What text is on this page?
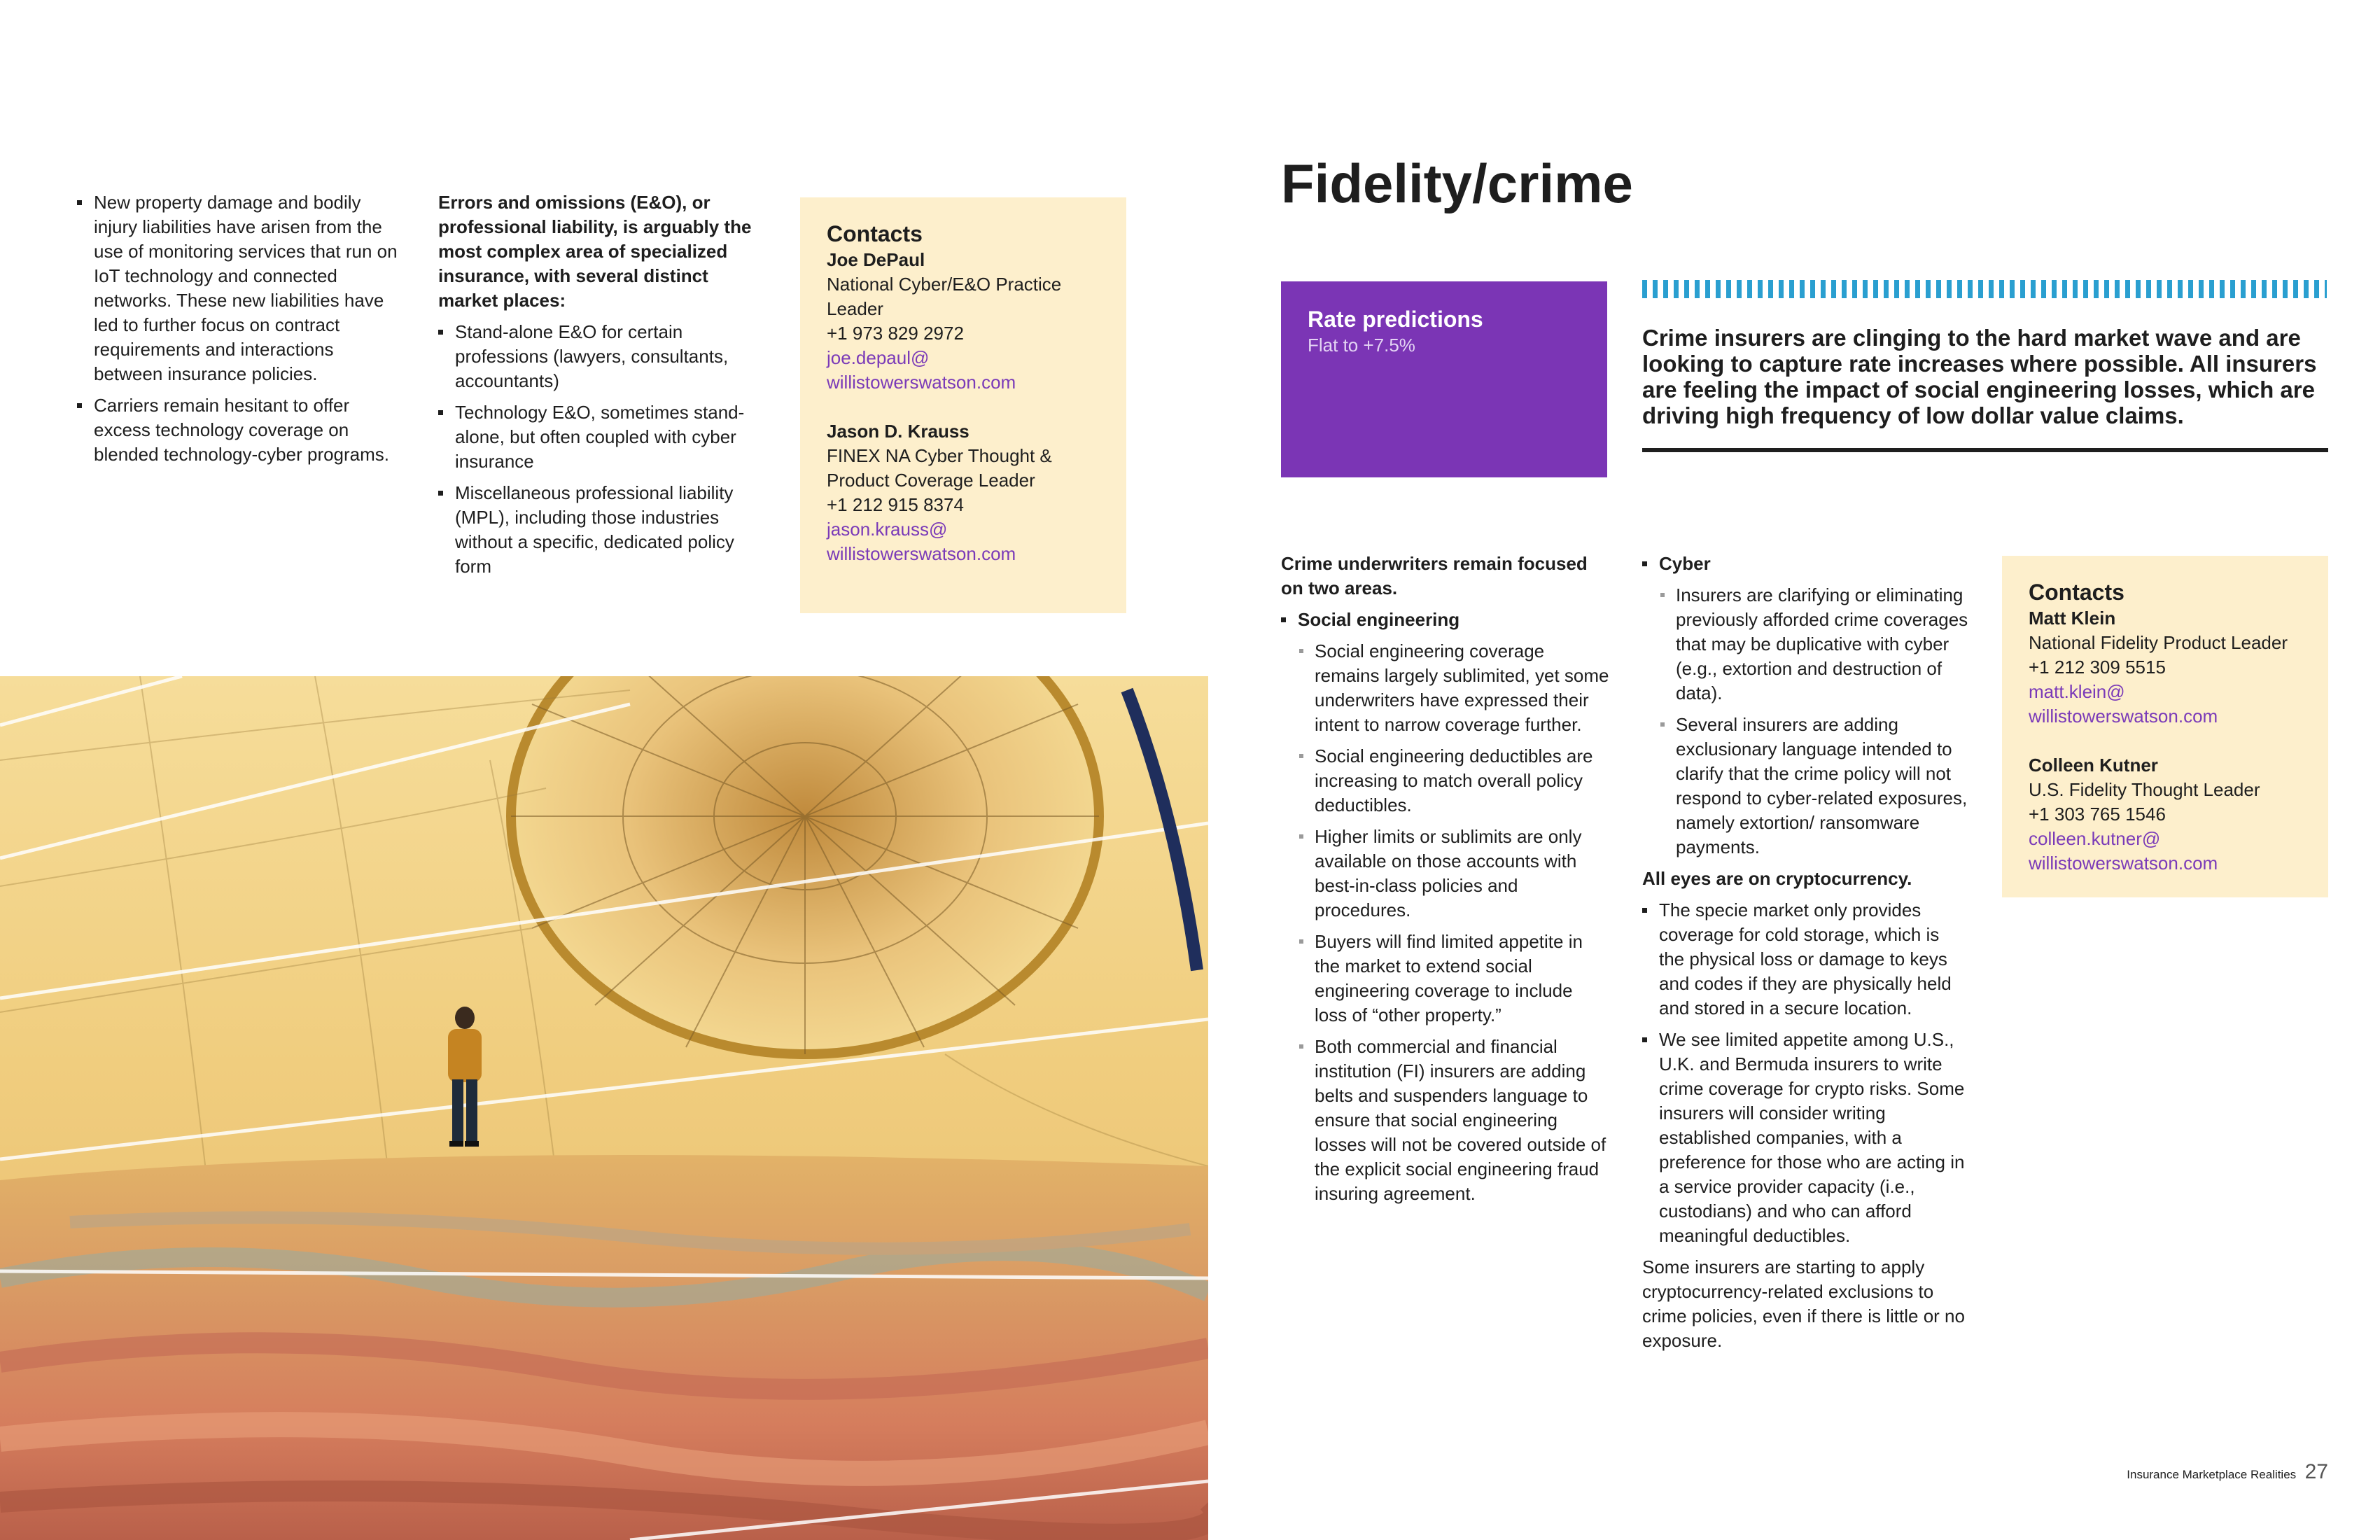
New property damage and bodily injury liabilities have arisen from the use of monitoring services that run on IoT technology and connected networks. These new liabilities have led to further focus on contract requirements and interactions between insurance policies.
Carriers remain hesitant to offer excess technology coverage on blended technology-cyber programs.
Errors and omissions (E&O), or professional liability, is arguably the most complex area of specialized insurance, with several distinct market places:
Stand-alone E&O for certain professions (lawyers, consultants, accountants)
Technology E&O, sometimes stand-alone, but often coupled with cyber insurance
Miscellaneous professional liability (MPL), including those industries without a specific, dedicated policy form
Contacts
Joe DePaul
National Cyber/E&O Practice Leader
+1 973 829 2972
joe.depaul@
willistowerswatson.com
Jason D. Krauss
FINEX NA Cyber Thought & Product Coverage Leader
+1 212 915 8374
jason.krauss@
willistowerswatson.com
Fidelity/crime
Rate predictions
Flat to +7.5%	Crime insurers are clinging to the hard market wave and are looking to capture rate increases where possible. All insurers are feeling the impact of social engineering losses, which are driving high frequency of low dollar value claims.
Crime underwriters remain focused on two areas.
Social engineering
Social engineering coverage remains largely sublimited, yet some underwriters have expressed their intent to narrow coverage further.
Social engineering deductibles are increasing to match overall policy deductibles.
Higher limits or sublimits are only available on those accounts with best-in-class policies and procedures.
Buyers will find limited appetite in the market to extend social engineering coverage to include loss of “other property.”
Both commercial and financial institution (FI) insurers are adding belts and suspenders language to ensure that social engineering losses will not be covered outside of the explicit social engineering fraud insuring agreement.
Cyber
Insurers are clarifying or eliminating previously afforded crime coverages that may be duplicative with cyber (e.g., extortion and destruction of data).
Several insurers are adding exclusionary language intended to clarify that the crime policy will not respond to cyber-related exposures, namely extortion/ ransomware payments.
All eyes are on cryptocurrency.
The specie market only provides coverage for cold storage, which is the physical loss or damage to keys and codes if they are physically held and stored in a secure location.
We see limited appetite among U.S., U.K. and Bermuda insurers to write crime coverage for crypto risks. Some insurers will consider writing established companies, with a preference for those who are acting in a service provider capacity (i.e., custodians) and who can afford meaningful deductibles.
Some insurers are starting to apply cryptocurrency-related exclusions to crime policies, even if there is little or no exposure.
Contacts
Matt Klein
National Fidelity Product Leader
+1 212 309 5515
matt.klein@
willistowerswatson.com
Colleen Kutner
U.S. Fidelity Thought Leader
+1 303 765 1546
colleen.kutner@
willistowerswatson.com
Insurance Marketplace Realities 27
